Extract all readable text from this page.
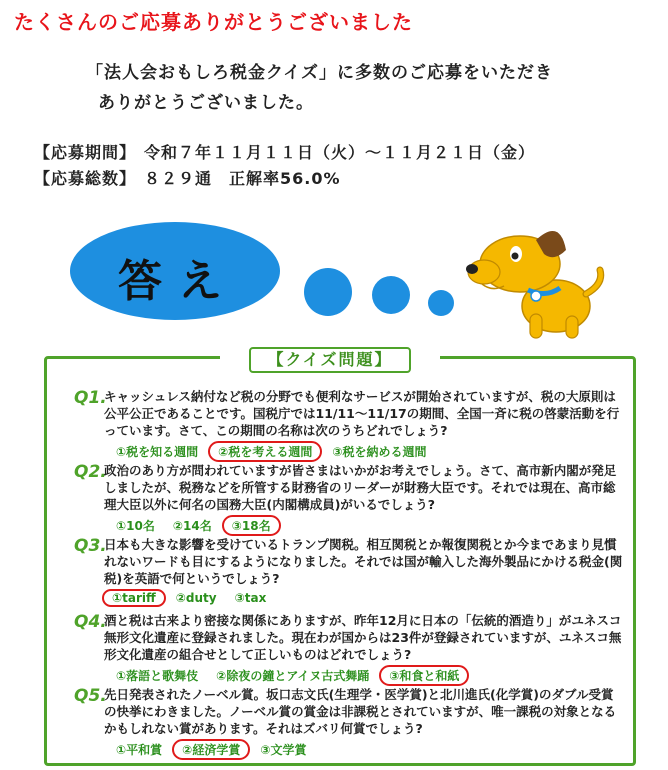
たくさんのご応募ありがとうございました
「法人会おもしろ税金クイズ」に多数のご応募をいただき
ありがとうございました。
【応募期間】 令和７年１１月１１日（火）～１１月２１日（金）
【応募総数】 ８２９通　正解率56.0%
答え
【クイズ問題】
Q1.
キャッシュレス納付など税の分野でも便利なサービスが開始されていますが、税の大原則は公平公正であることです。国税庁では11/11～11/17の期間、全国一斉に税の啓蒙活動を行っています。さて、この期間の名称は次のうちどれでしょう?
①税を知る週間 ②税を考える週間 ③税を納める週間
Q2.
政治のあり方が問われていますが皆さまはいかがお考えでしょう。さて、高市新内閣が発足しましたが、税務などを所管する財務省のリーダーが財務大臣です。それでは現在、高市総理大臣以外に何名の国務大臣(内閣構成員)がいるでしょう?
①10名 ②14名 ③18名
Q3.
日本も大きな影響を受けているトランプ関税。相互関税とか報復関税とか今まであまり見慣れないワードも目にするようになりました。それでは国が輸入した海外製品にかける税金(関税)を英語で何というでしょう?
①tariff ②duty ③tax
Q4.
酒と税は古来より密接な関係にありますが、昨年12月に日本の「伝統的酒造り」がユネスコ無形文化遺産に登録されました。現在わが国からは23件が登録されていますが、ユネスコ無形文化遺産の組合せとして正しいものはどれでしょう?
①落語と歌舞伎 ②除夜の鐘とアイヌ古式舞踊 ③和食と和紙
Q5.
先日発表されたノーベル賞。坂口志文氏(生理学・医学賞)と北川進氏(化学賞)のダブル受賞の快挙にわきました。ノーベル賞の賞金は非課税とされていますが、唯一課税の対象となるかもしれない賞があります。それはズバリ何賞でしょう?
①平和賞 ②経済学賞 ③文学賞
